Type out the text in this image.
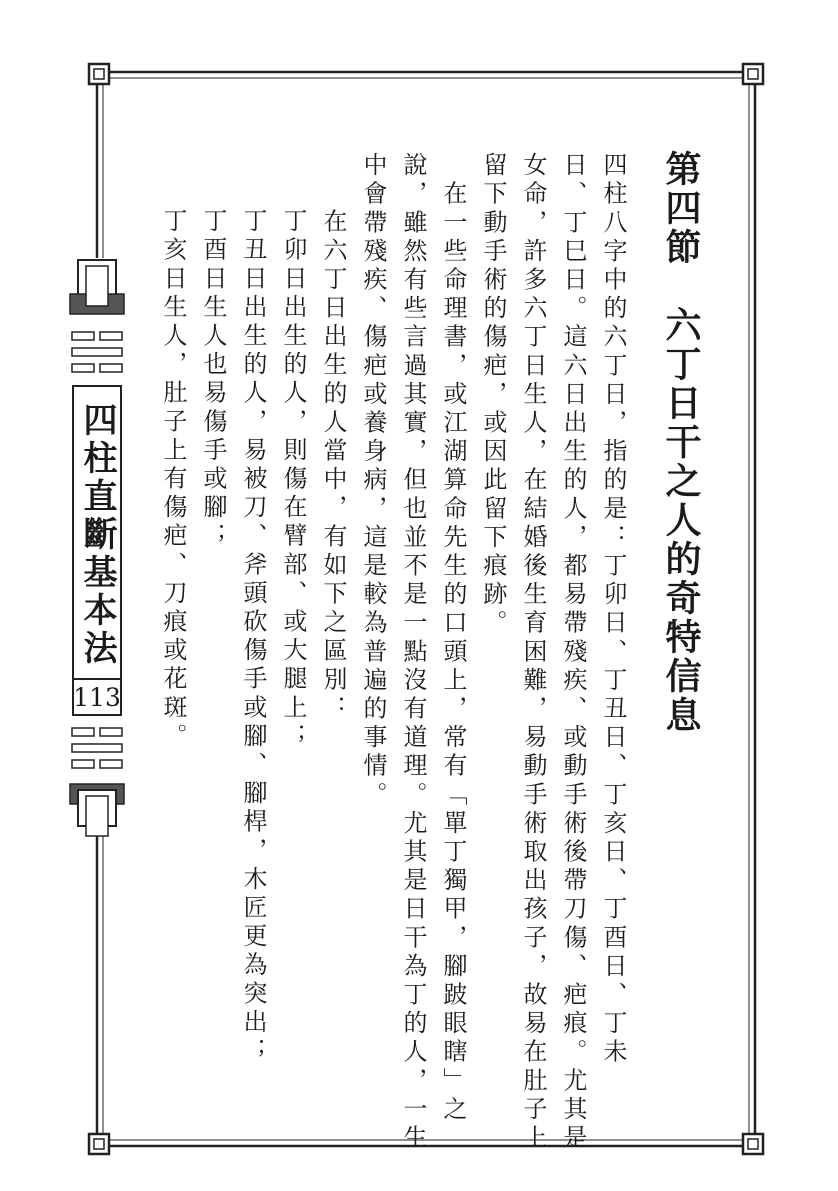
四柱直斷基本法
113	第四節　六丁日干之人的奇特信息
四柱八字中的六丁日，指的是：丁卯日、丁丑日、丁亥日、丁酉日、丁未
日、丁巳日。這六日出生的人，都易帶殘疾、或動手術後帶刀傷、疤痕。尤其是
女命，許多六丁日生人，在結婚後生育困難，易動手術取出孩子，故易在肚子上
留下動手術的傷疤，或因此留下痕跡。
　在一些命理書，或江湖算命先生的口頭上，常有「單丁獨甲，腳跛眼瞎」之
說，雖然有些言過其實，但也並不是一點沒有道理。尤其是日干為丁的人，一生
中會帶殘疾、傷疤或養身病，這是較為普遍的事情。
　在六丁日出生的人當中，有如下之區別：
丁卯日出生的人，則傷在臂部、或大腿上；
丁丑日出生的人，易被刀、斧頭砍傷手或腳、腳桿，木匠更為突出；
丁酉日生人也易傷手或腳；
丁亥日生人，肚子上有傷疤、刀痕或花斑。
